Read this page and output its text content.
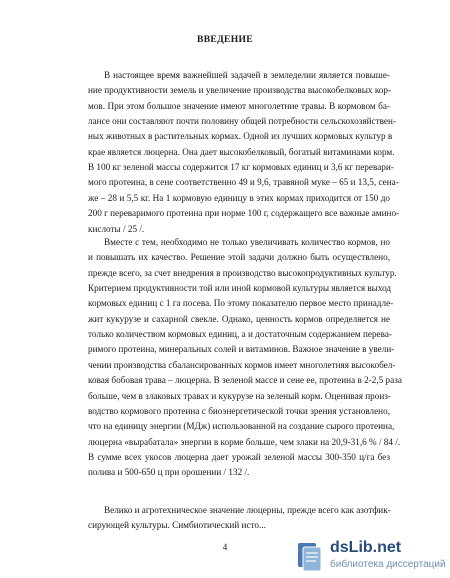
ВВЕДЕНИЕ
В настоящее время важнейшей задачей в земледелии является повыше-
ние продуктивности земель и увеличение производства высокобелковых кор-
мов. При этом большое значение имеют многолетние травы. В кормовом ба-
лансе они составляют почти половину общей потребности сельскохозяйствен-
ных животных в растительных кормах. Одной из лучших кормовых культур в
крае является люцерна. Она дает высокобелковый, богатый витаминами корм.
В 100 кг зеленой массы содержится 17 кг кормовых единиц и 3,6 кг перевари-
мого протеина, в сене соответственно 49 и 9,6, травяной муке – 65 и 13,5, сена-
же – 28 и 5,5 кг. На 1 кормовую единицу в этих кормах приходится от 150 до
200 г переваримого протеина при норме 100 г, содержащего все важные амино-
кислоты / 25 /.
Вместе с тем, необходимо не только увеличивать количество кормов, но
и повышать их качество. Решение этой задачи должно быть осуществлено,
прежде всего, за счет внедрения в производство высокопродуктивных культур.
Критерием продуктивности той или иной кормовой культуры является выход
кормовых единиц с 1 га посева. По этому показателю первое место принадле-
жит кукурузе и сахарной свекле. Однако, ценность кормов определяется не
только количеством кормовых единиц, а и достаточным содержанием перева-
римого протеина, минеральных солей и витаминов. Важное значение в увели-
чении производства сбалансированных кормов имеет многолетняя высокобел-
ковая бобовая трава – люцерна. В зеленой массе и сене ее, протеина в 2-2,5 раза
больше, чем в злаковых травах и кукурузе на зеленый корм. Оценивая произ-
водство кормового протеина с биоэнергетической точки зрения установлено,
что на единицу энергии (МДж) использованной на создание сырого протеина,
люцерна «вырабатала» энергии в корме больше, чем злаки на 20,9-31,6 % / 84 /.
В сумме всех укосов люцерна дает урожай зеленой массы 300-350 ц/га без
полива и 500-650 ц при орошении / 132 /.
Велико и агротехническое значение люцерны, прежде всего как азотфик-
сирующей культуры. Симбиотический исто...
4	dsLib.net
библиотека диссертаций
